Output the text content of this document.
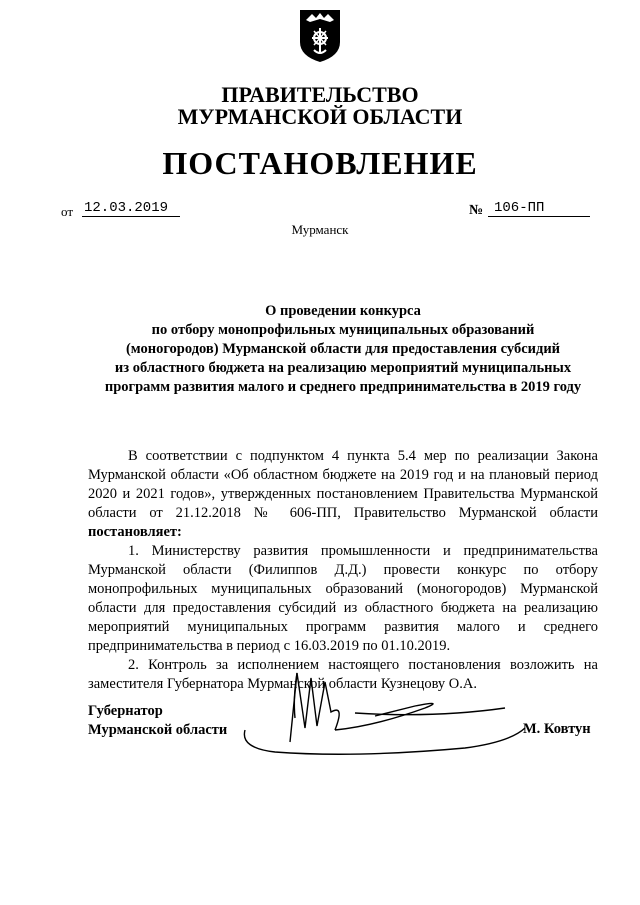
ПРАВИТЕЛЬСТВО
МУРМАНСКОЙ ОБЛАСТИ
ПОСТАНОВЛЕНИЕ
от 12.03.2019	№ 106-ПП
Мурманск
О проведении конкурса
по отбору монопрофильных муниципальных образований
(моногородов) Мурманской области для предоставления субсидий
из областного бюджета на реализацию мероприятий муниципальных
программ развития малого и среднего предпринимательства в 2019 году

В соответствии с подпунктом 4 пункта 5.4 мер по реализации Закона Мурманской области «Об областном бюджете на 2019 год и на плановый период 2020 и 2021 годов», утвержденных постановлением Правительства Мурманской области от 21.12.2018 № 606-ПП, Правительство Мурманской области постановляет:

1. Министерству развития промышленности и предпринимательства Мурманской области (Филиппов Д.Д.) провести конкурс по отбору монопрофильных муниципальных образований (моногородов) Мурманской области для предоставления субсидий из областного бюджета на реализацию мероприятий муниципальных программ развития малого и среднего предпринимательства в период с 16.03.2019 по 01.10.2019.

2. Контроль за исполнением настоящего постановления возложить на заместителя Губернатора Мурманской области Кузнецову О.А.

Губернатор
Мурманской области	М. Ковтун
